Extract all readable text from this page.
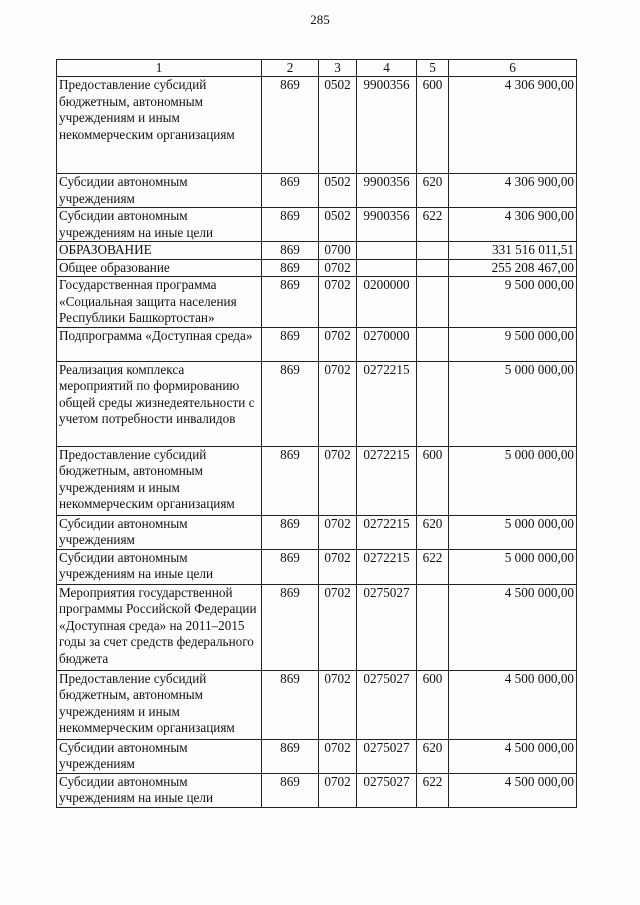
285
1	2	3	4	5	6
Предоставление субсидий бюджетным, автономным учреждениям и иным некоммерческим организациям	869	0502	9900356	600	4 306 900,00
Субсидии автономным учреждениям	869	0502	9900356	620	4 306 900,00
Субсидии автономным учреждениям на иные цели	869	0502	9900356	622	4 306 900,00
ОБРАЗОВАНИЕ	869	0700			331 516 011,51
Общее образование	869	0702			255 208 467,00
Государственная программа «Социальная защита населения Республики Башкортостан»	869	0702	0200000		9 500 000,00
Подпрограмма «Доступная среда»	869	0702	0270000		9 500 000,00
Реализация комплекса мероприятий по формированию общей среды жизнедеятельности с учетом потребности инвалидов	869	0702	0272215		5 000 000,00
Предоставление субсидий бюджетным, автономным учреждениям и иным некоммерческим организациям	869	0702	0272215	600	5 000 000,00
Субсидии автономным учреждениям	869	0702	0272215	620	5 000 000,00
Субсидии автономным учреждениям на иные цели	869	0702	0272215	622	5 000 000,00
Мероприятия государственной программы Российской Федерации «Доступная среда» на 2011–2015 годы за счет средств федерального бюджета	869	0702	0275027		4 500 000,00
Предоставление субсидий бюджетным, автономным учреждениям и иным некоммерческим организациям	869	0702	0275027	600	4 500 000,00
Субсидии автономным учреждениям	869	0702	0275027	620	4 500 000,00
Субсидии автономным учреждениям на иные цели	869	0702	0275027	622	4 500 000,00
